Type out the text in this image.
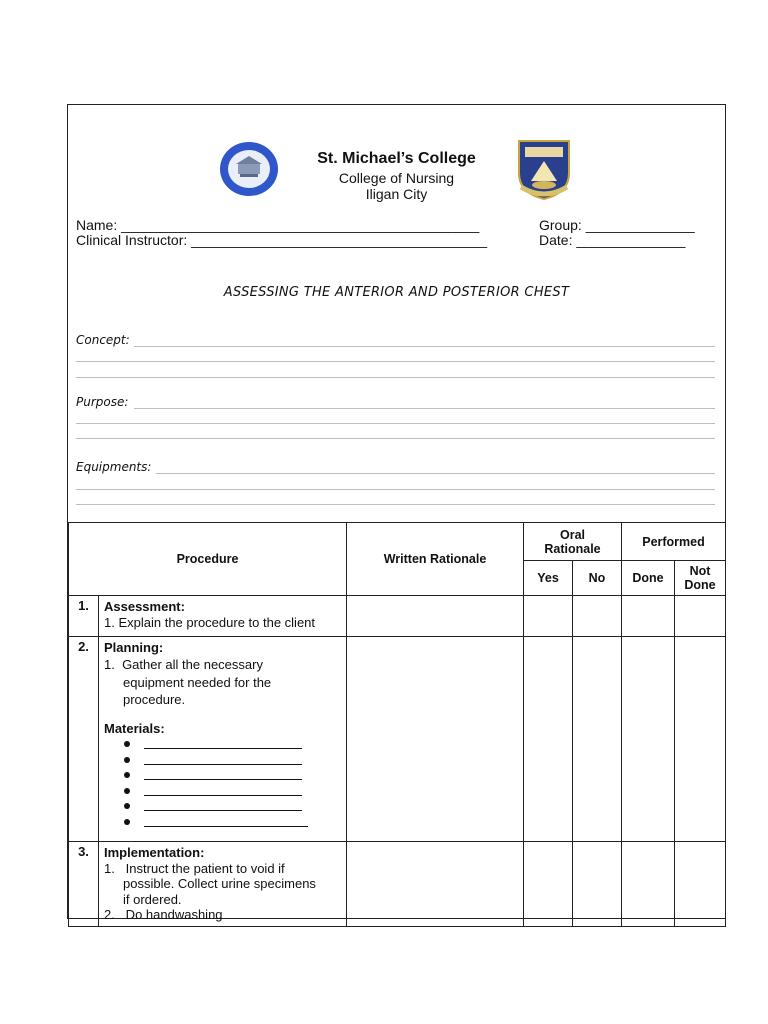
St. Michael’s College
College of Nursing
Iligan City
Name: ______________________________________________
Clinical Instructor: ______________________________________
Group: ______________
Date: ______________
ASSESSING THE ANTERIOR AND POSTERIOR CHEST
Concept:
Purpose:
Equipments:
Procedure		Written Rationale	Oral Rationale		Performed	
			Yes	No	Done	Not Done
1.	Assessment:
1. Explain the procedure to the client					
2.	Planning:

1.  Gather all the necessary
equipment needed for the
procedure.
Materials:					

3.	Implementation:
1.   Instruct the patient to void if
possible. Collect urine specimens
if ordered.
2.   Do handwashing					
